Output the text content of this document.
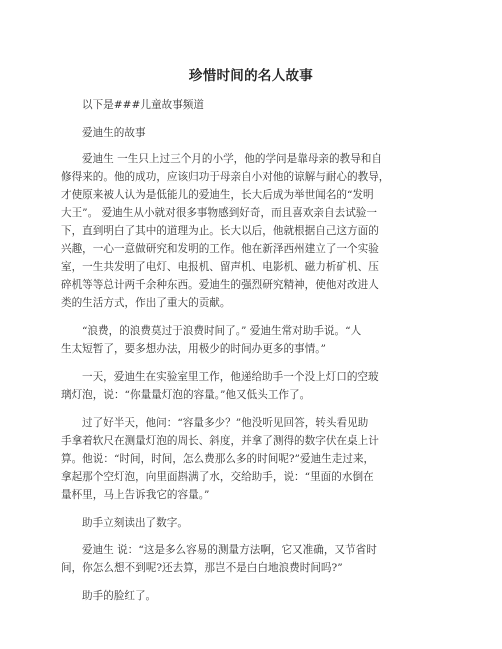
珍惜时间的名人故事
以下是###儿童故事频道
爱迪生的故事
爱迪生 一生只上过三个月的小学，他的学问是靠母亲的教导和自
修得来的。他的成功，应该归功于母亲自小对他的谅解与耐心的教导，
才使原来被人认为是低能儿的爱迪生，长大后成为举世闻名的“发明
大王”。 爱迪生从小就对很多事物感到好奇，而且喜欢亲自去试验一
下，直到明白了其中的道理为止。长大以后，他就根据自己这方面的
兴趣，一心一意做研究和发明的工作。他在新泽西州建立了一个实验
室，一生共发明了电灯、电报机、留声机、电影机、磁力析矿机、压
碎机等等总计两千余种东西。爱迪生的强烈研究精神，使他对改进人
类的生活方式，作出了重大的贡献。
“浪费，的浪费莫过于浪费时间了。” 爱迪生常对助手说。“人
生太短暂了，要多想办法，用极少的时间办更多的事情。”
一天，爱迪生在实验室里工作，他递给助手一个没上灯口的空玻
璃灯泡，说：“你量量灯泡的容量。”他又低头工作了。
过了好半天，他问：“容量多少？”他没听见回答，转头看见助
手拿着软尺在测量灯泡的周长、斜度，并拿了测得的数字伏在桌上计
算。他说：“时间，时间，怎么费那么多的时间呢?”爱迪生走过来，
拿起那个空灯泡，向里面斟满了水，交给助手，说：“里面的水倒在
量杯里，马上告诉我它的容量。”
助手立刻读出了数字。
爱迪生 说：“这是多么容易的测量方法啊，它又准确，又节省时
间，你怎么想不到呢?还去算，那岂不是白白地浪费时间吗?”
助手的脸红了。
